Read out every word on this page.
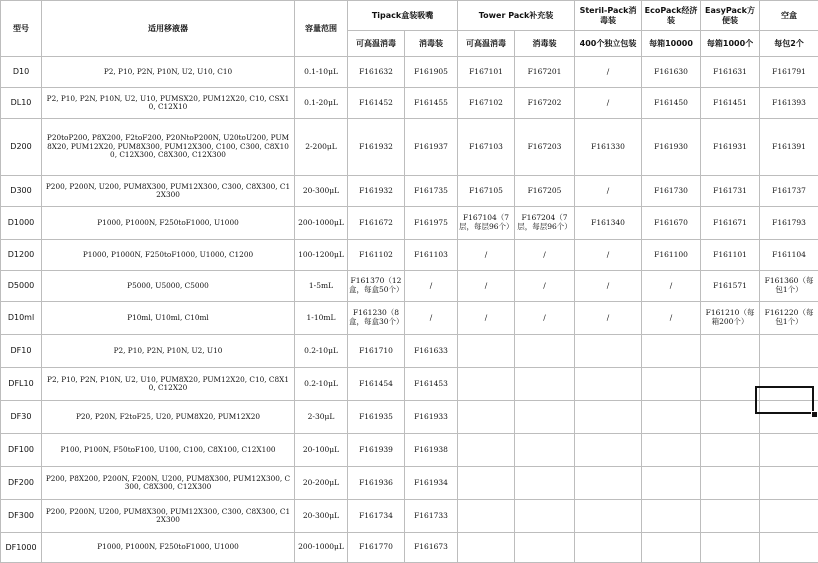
型号	适用移液器	容量范围	Tipack盒装吸嘴		Tower Pack补充装		Steril-Pack消毒装	EcoPack经济装	EasyPack方便装	空盒
			可高温消毒	消毒装	可高温消毒	消毒装	400个独立包装	每箱10000	每箱1000个	每包2个
D10	P2, P10, P2N, P10N, U2, U10, C10	0.1-10μL	F161632	F161905	F167101	F167201	/	F161630	F161631	F161791
DL10	P2, P10, P2N, P10N, U2, U10, PUMSX20, PUM12X20, C10, CSX10, C12X10	0.1-20μL	F161452	F161455	F167102	F167202	/	F161450	F161451	F161393
D200	P20toP200, P8X200, F2toF200, P20NtoP200N, U20toU200, PUM8X20, PUM12X20, PUM8X300, PUM12X300, C100, C300, C8X100, C12X300, C8X300, C12X300	2-200μL	F161932	F161937	F167103	F167203	F161330	F161930	F161931	F161391
D300	P200, P200N, U200, PUM8X300, PUM12X300, C300, C8X300, C12X300	20-300μL	F161932	F161735	F167105	F167205	/	F161730	F161731	F161737
D1000	P1000, P1000N, F250toF1000, U1000	200-1000μL	F161672	F161975	F167104（7层，每层96个）	F167204（7层，每层96个）	F161340	F161670	F161671	F161793
D1200	P1000, P1000N, F250toF1000, U1000, C1200	100-1200μL	F161102	F161103	/	/	/	F161100	F161101	F161104
D5000	P5000, U5000, C5000	1-5mL	F161370（12盒，每盒50个）	/	/	/	/	/	F161571	F161360（每包1个）
D10ml	P10ml, U10ml, C10ml	1-10mL	F161230（8盒，每盒30个）	/	/	/	/	/	F161210（每箱200个）	F161220（每包1个）
DF10	P2, P10, P2N, P10N, U2, U10	0.2-10μL	F161710	F161633						
DFL10	P2, P10, P2N, P10N, U2, U10, PUM8X20, PUM12X20, C10, C8X10, C12X20	0.2-10μL	F161454	F161453						
DF30	P20, P20N, F2toF25, U20, PUM8X20, PUM12X20	2-30μL	F161935	F161933						
DF100	P100, P100N, F50toF100, U100, C100, C8X100, C12X100	20-100μL	F161939	F161938						
DF200	P200, P8X200, P200N, F200N, U200, PUM8X300, PUM12X300, C300, C8X300, C12X300	20-200μL	F161936	F161934						
DF300	P200, P200N, U200, PUM8X300, PUM12X300, C300, C8X300, C12X300	20-300μL	F161734	F161733						
DF1000	P1000, P1000N, F250toF1000, U1000	200-1000μL	F161770	F161673						
